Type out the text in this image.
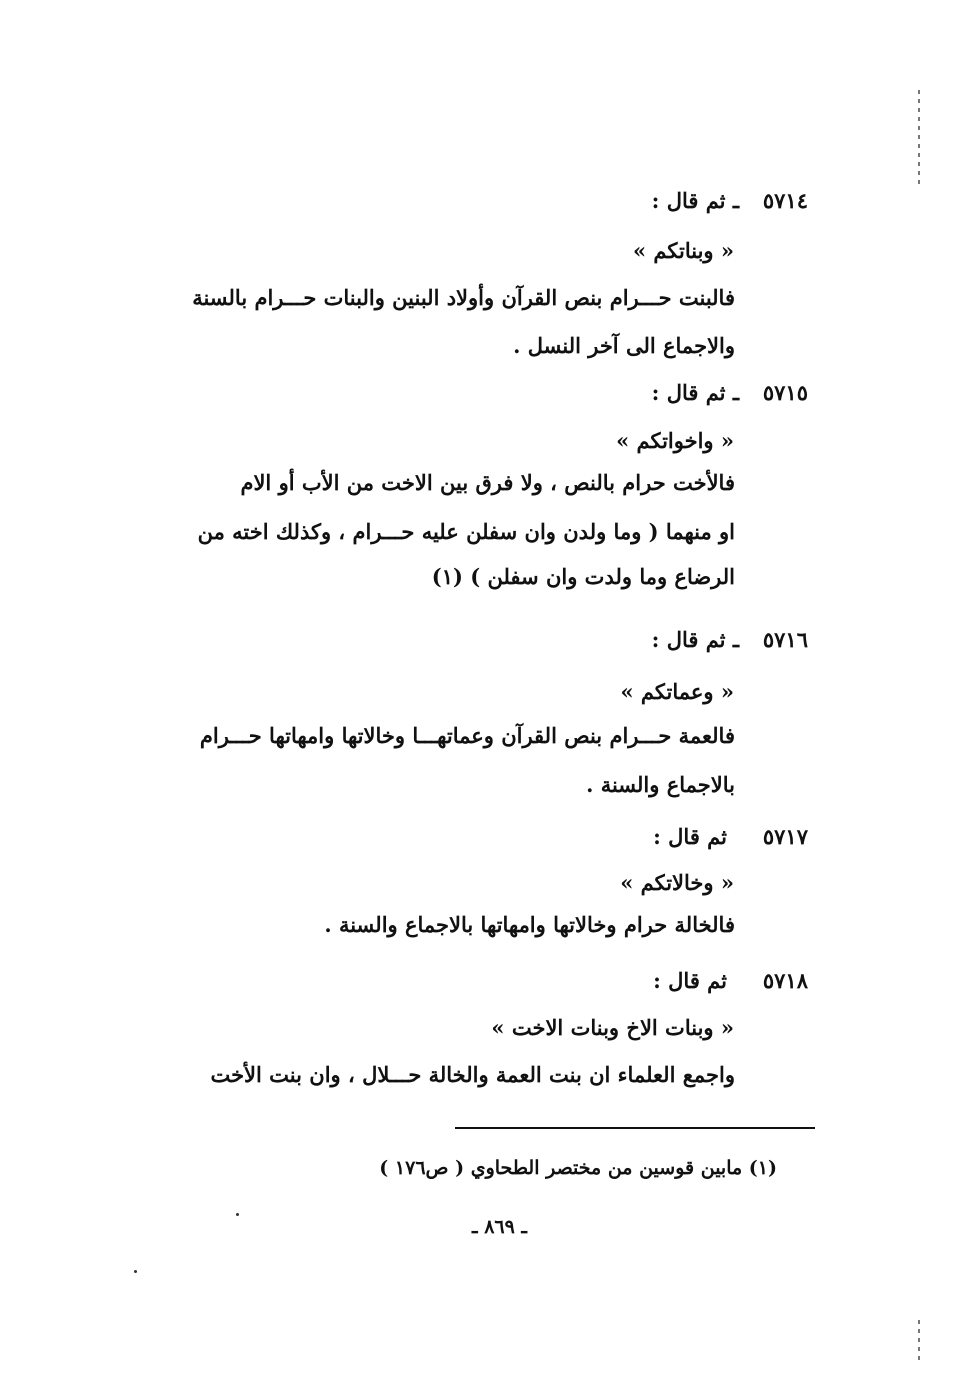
٥٧١٤
ـ ثم قال :
« وبناتكم »
فالبنت حـــرام بنص القرآن وأولاد البنين والبنات حـــرام بالسنة
والاجماع الى آخر النسل .
٥٧١٥
ـ ثم قال :
« واخواتكم »
فالأخت حرام بالنص ، ولا فرق بين الاخت من الأب أو الام
او منهما ( وما ولدن وان سفلن عليه حـــرام ، وكذلك اخته من
الرضاع وما ولدت وان سفلن ) (١)
٥٧١٦
ـ ثم قال :
« وعماتكم »
فالعمة حـــرام بنص القرآن وعماتهـــا وخالاتها وامهاتها حـــرام
بالاجماع والسنة .
٥٧١٧
ثم قال :
« وخالاتكم »
فالخالة حرام وخالاتها وامهاتها بالاجماع والسنة .
٥٧١٨
ثم قال :
« وبنات الاخ وبنات الاخت »
واجمع العلماء ان بنت العمة والخالة حـــلال ، وان بنت الأخت
(١) مابين قوسين من مختصر الطحاوي ( ص١٧٦ )
ـ ٨٦٩ ـ
